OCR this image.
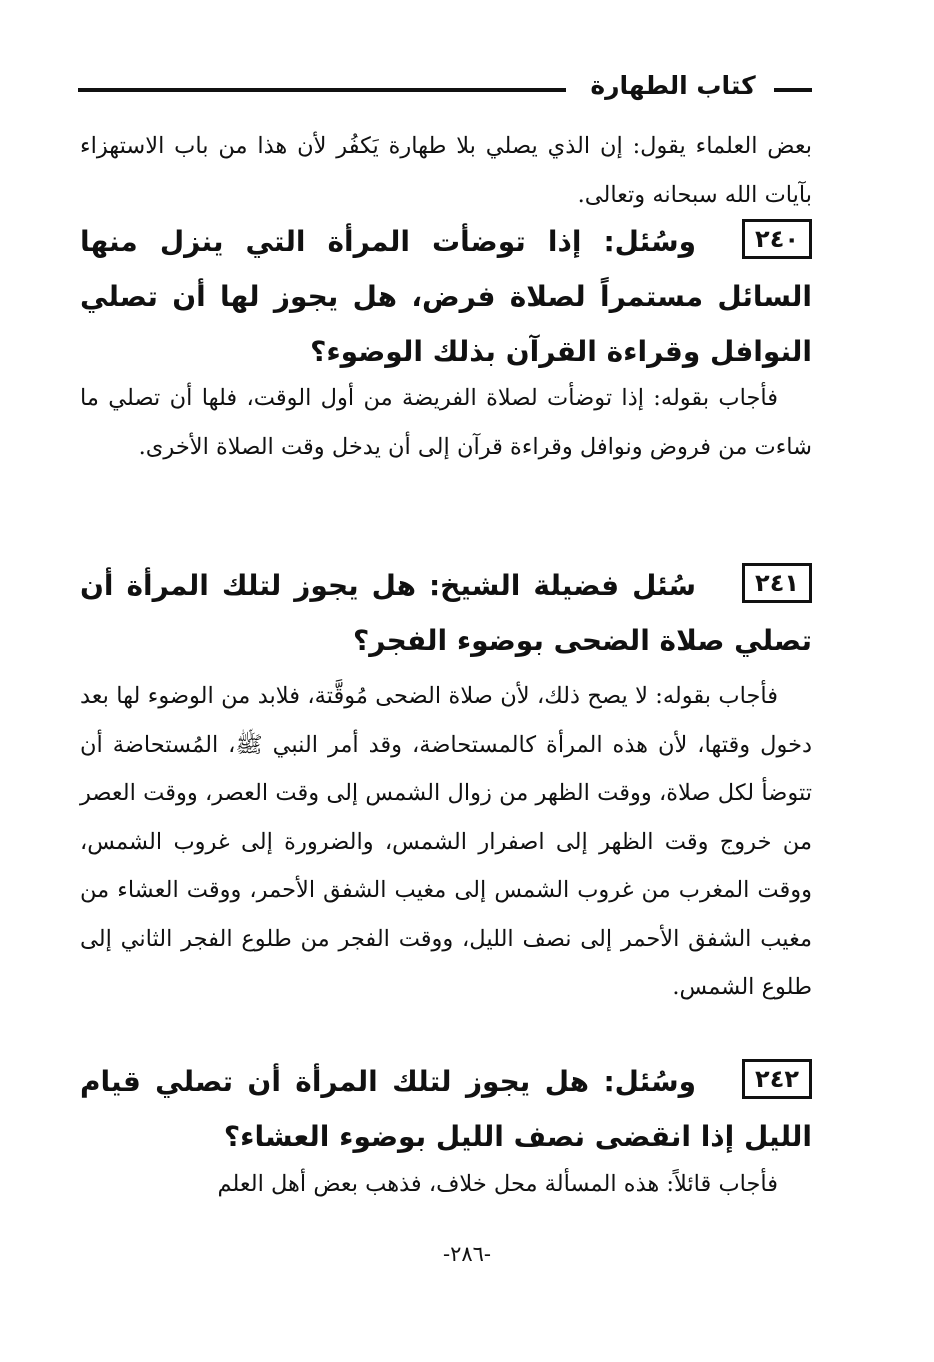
كتاب الطهارة
بعض العلماء يقول: إن الذي يصلي بلا طهارة يَكفُر لأن هذا من باب الاستهزاء بآيات الله سبحانه وتعالى.
٢٤٠وسُئل: إذا توضأت المرأة التي ينزل منها السائل مستمراً لصلاة فرض، هل يجوز لها أن تصلي النوافل وقراءة القرآن بذلك الوضوء؟
فأجاب بقوله: إذا توضأت لصلاة الفريضة من أول الوقت، فلها أن تصلي ما شاءت من فروض ونوافل وقراءة قرآن إلى أن يدخل وقت الصلاة الأخرى.
٢٤١سُئل فضيلة الشيخ: هل يجوز لتلك المرأة أن تصلي صلاة الضحى بوضوء الفجر؟
فأجاب بقوله: لا يصح ذلك، لأن صلاة الضحى مُوقَّتة، فلابد من الوضوء لها بعد دخول وقتها، لأن هذه المرأة كالمستحاضة، وقد أمر النبي ﷺ، المُستحاضة أن تتوضأ لكل صلاة، ووقت الظهر من زوال الشمس إلى وقت العصر، ووقت العصر من خروج وقت الظهر إلى اصفرار الشمس، والضرورة إلى غروب الشمس، ووقت المغرب من غروب الشمس إلى مغيب الشفق الأحمر، ووقت العشاء من مغيب الشفق الأحمر إلى نصف الليل، ووقت الفجر من طلوع الفجر الثاني إلى طلوع الشمس.
٢٤٢وسُئل: هل يجوز لتلك المرأة أن تصلي قيام الليل إذا انقضى نصف الليل بوضوء العشاء؟
فأجاب قائلاً: هذه المسألة محل خلاف، فذهب بعض أهل العلم
-٢٨٦-
